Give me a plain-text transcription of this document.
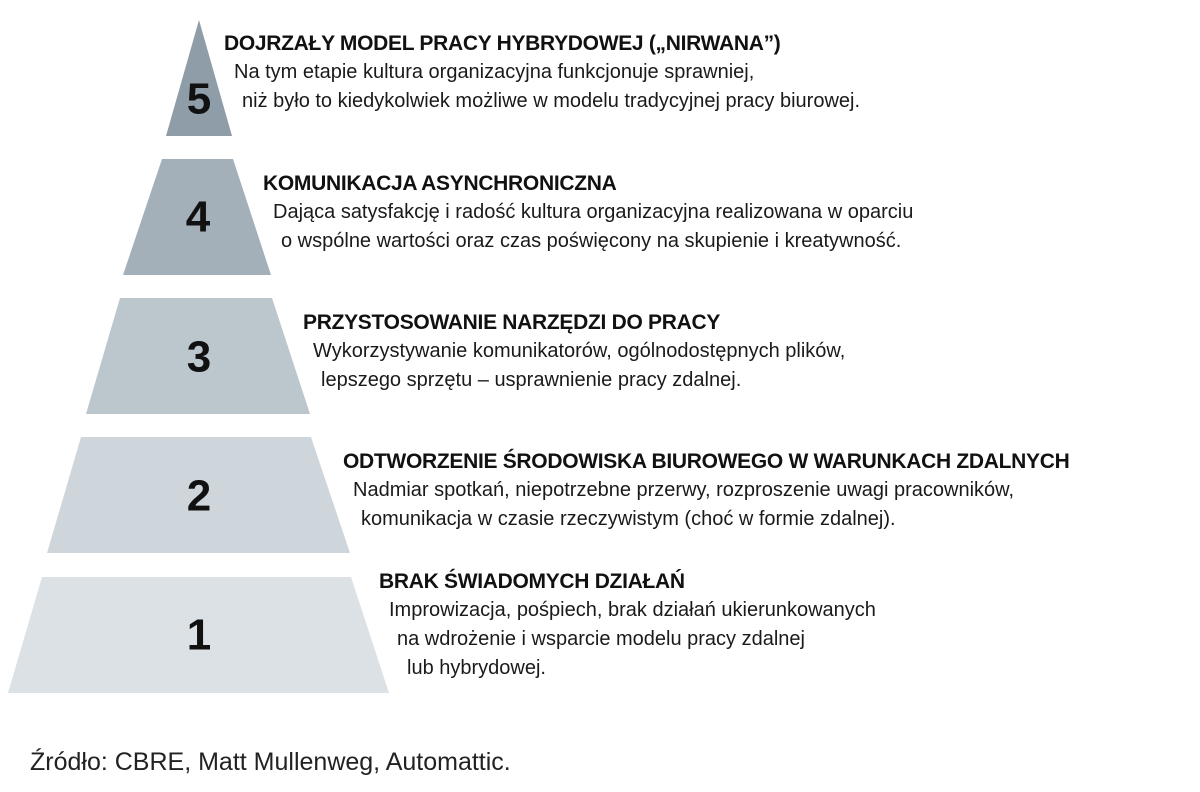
5
4
3
2
1
DOJRZAŁY MODEL PRACY HYBRYDOWEJ („NIRWANA”)
Na tym etapie kultura organizacyjna funkcjonuje sprawniej,
niż było to kiedykolwiek możliwe w modelu tradycyjnej pracy biurowej.
KOMUNIKACJA ASYNCHRONICZNA
Dająca satysfakcję i radość kultura organizacyjna realizowana w oparciu
o wspólne wartości oraz czas poświęcony na skupienie i kreatywność.
PRZYSTOSOWANIE NARZĘDZI DO PRACY
Wykorzystywanie komunikatorów, ogólnodostępnych plików,
lepszego sprzętu – usprawnienie pracy zdalnej.
ODTWORZENIE ŚRODOWISKA BIUROWEGO W WARUNKACH ZDALNYCH
Nadmiar spotkań, niepotrzebne przerwy, rozproszenie uwagi pracowników,
komunikacja w czasie rzeczywistym (choć w formie zdalnej).
BRAK ŚWIADOMYCH DZIAŁAŃ
Improwizacja, pośpiech, brak działań ukierunkowanych
na wdrożenie i wsparcie modelu pracy zdalnej
lub hybrydowej.
Źródło: CBRE, Matt Mullenweg, Automattic.
